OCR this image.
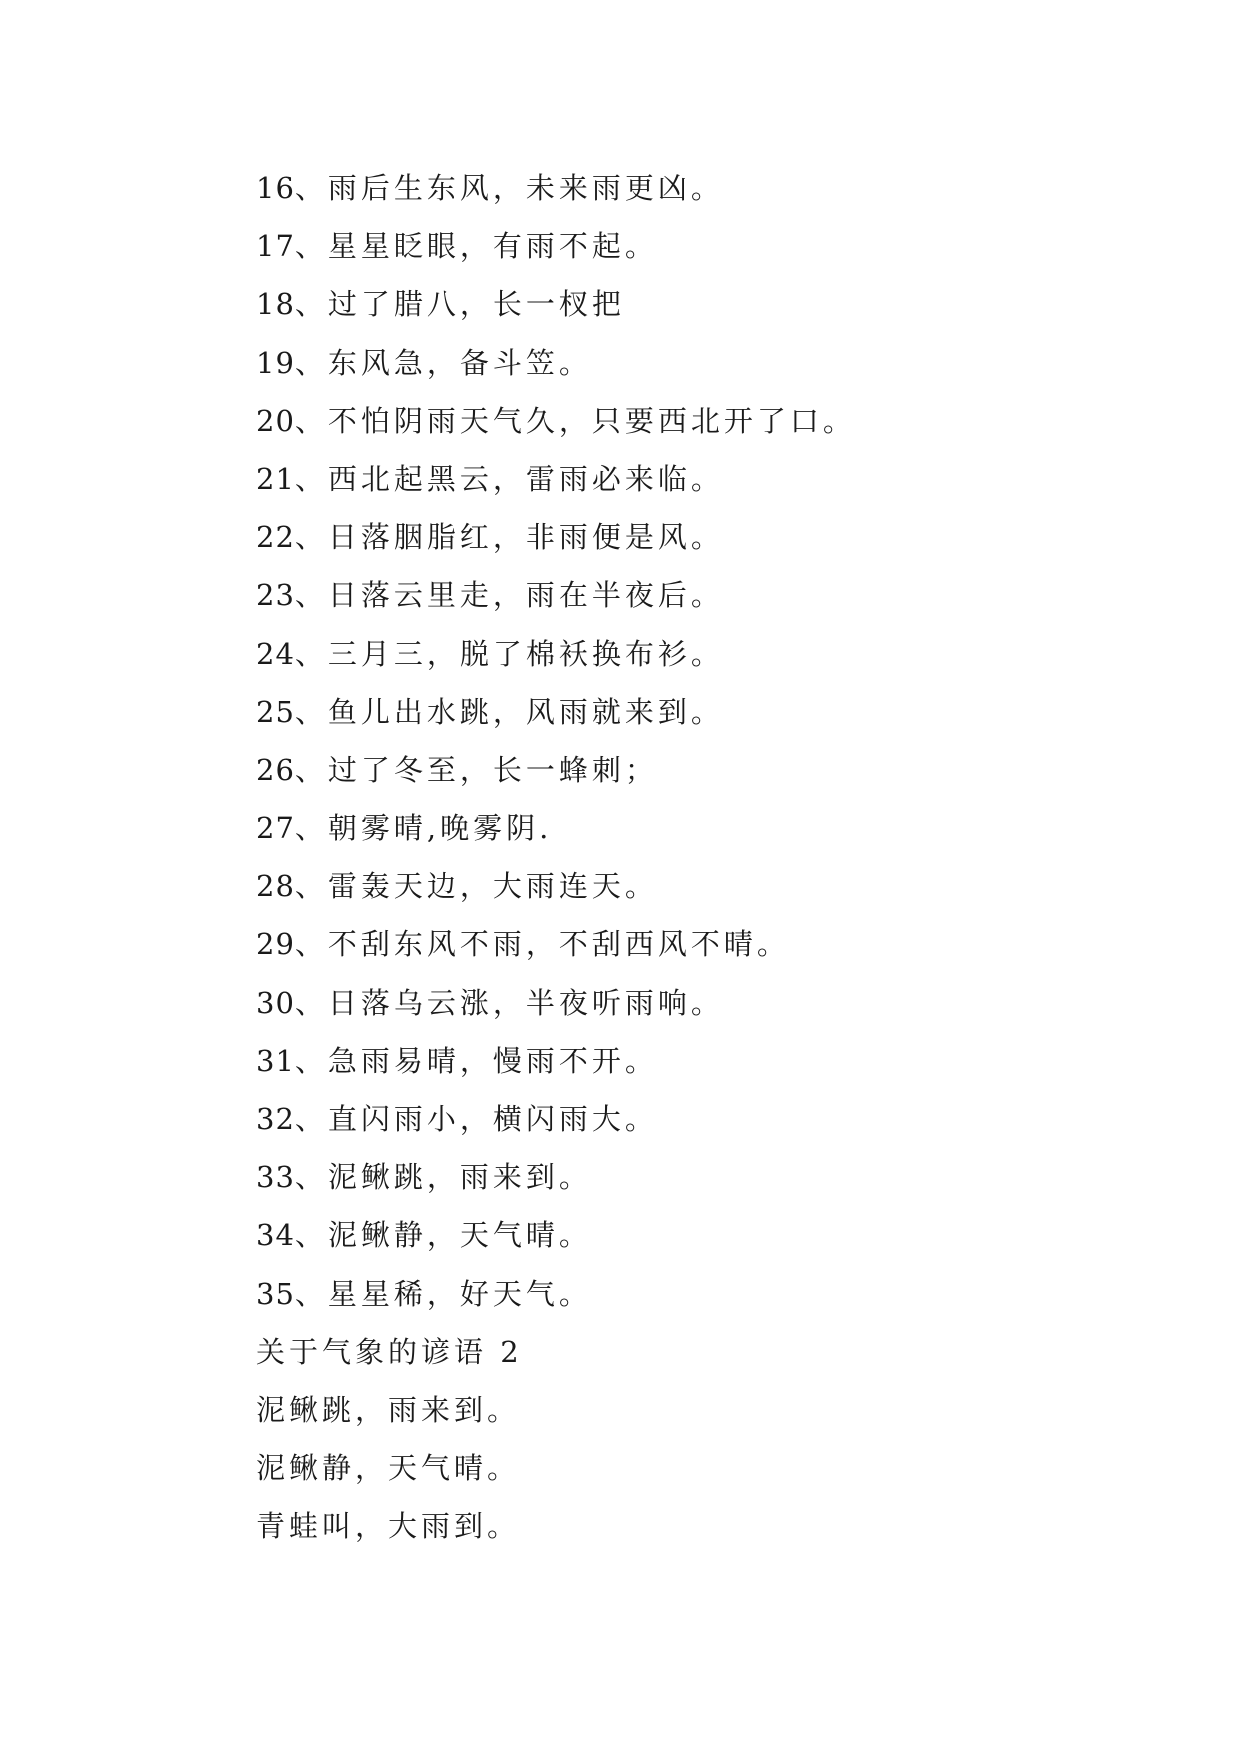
16、雨后生东风，未来雨更凶。
17、星星眨眼，有雨不起。
18、过了腊八，长一杈把
19、东风急，备斗笠。
20、不怕阴雨天气久，只要西北开了口。
21、西北起黑云，雷雨必来临。
22、日落胭脂红，非雨便是风。
23、日落云里走，雨在半夜后。
24、三月三，脱了棉袄换布衫。
25、鱼儿出水跳，风雨就来到。
26、过了冬至，长一蜂刺；
27、朝雾晴,晚雾阴.
28、雷轰天边，大雨连天。
29、不刮东风不雨，不刮西风不晴。
30、日落乌云涨，半夜听雨响。
31、急雨易晴，慢雨不开。
32、直闪雨小，横闪雨大。
33、泥鳅跳，雨来到。
34、泥鳅静，天气晴。
35、星星稀，好天气。
关于气象的谚语 2
泥鳅跳，雨来到。
泥鳅静，天气晴。
青蛙叫，大雨到。
